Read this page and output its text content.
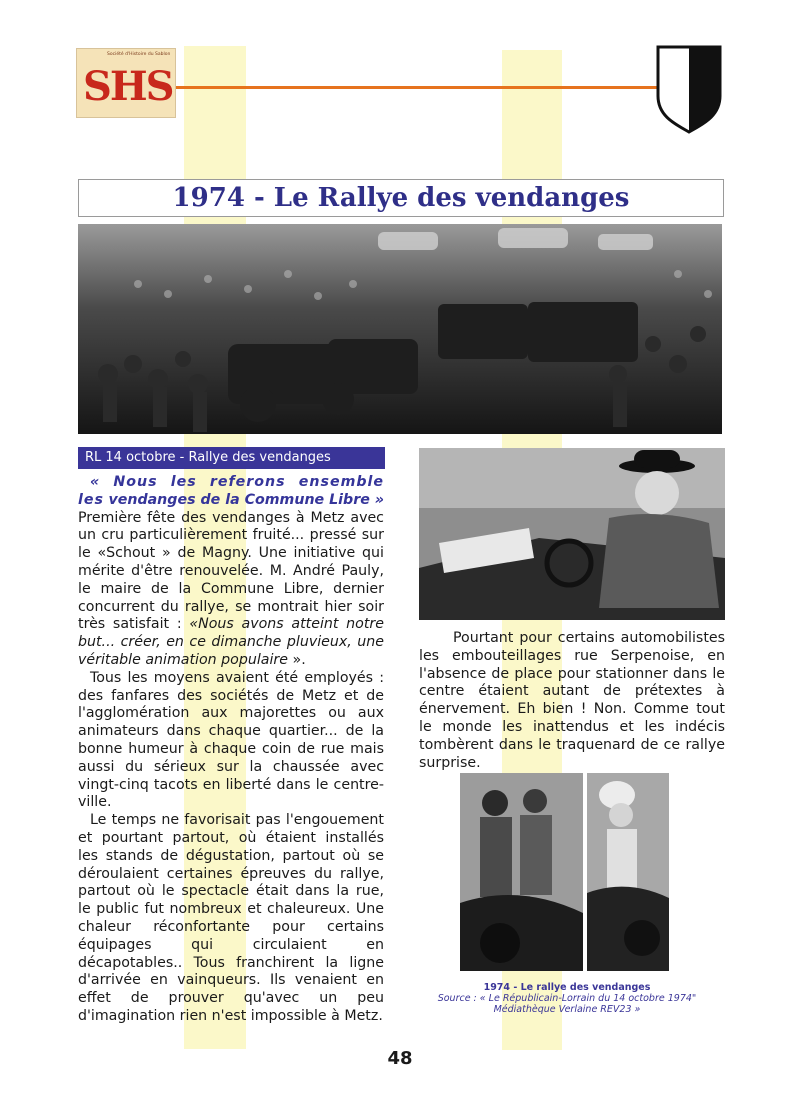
Société d'Histoire du Sablon
SHS
1974 - Le Rallye des vendanges
RL 14 octobre - Rallye des vendanges

« Nous les referons ensemble les vendanges de la Commune Libre » Première fête des vendanges à Metz avec un cru particulièrement fruité... pressé sur le «Schout » de Magny. Une initiative qui mérite d'être renouvelée. M. André Pauly, le maire de la Commune Libre, dernier concurrent du rallye, se montrait hier soir très satisfait : «Nous avons atteint notre but... créer, en ce dimanche pluvieux, une véritable animation populaire ».

Tous les moyens avaient été employés : des fanfares des sociétés de Metz et de l'agglomération aux majorettes ou aux animateurs dans chaque quartier... de la bonne humeur à chaque coin de rue mais aussi du sérieux sur la chaussée avec vingt-cinq tacots en liberté dans le centre-ville.

Le temps ne favorisait pas l'engouement et pourtant partout, où étaient installés les stands de dégustation, partout où se déroulaient certaines épreuves du rallye, partout où le spectacle était dans la rue, le public fut nombreux et chaleureux. Une chaleur réconfortante pour certains équipages qui circulaient en décapotables.. Tous franchirent la ligne d'arrivée en vainqueurs. Ils venaient en effet de prouver qu'avec un peu d'imagination rien n'est impossible à Metz.

Pourtant pour certains automobilistes les embouteillages rue Serpenoise, en l'absence de place pour stationner dans le centre étaient autant de prétextes à énervement. Eh bien ! Non. Comme tout le monde les inattendus et les indécis tombèrent dans le traquenard de ce rallye surprise.

1974 - Le rallye des vendanges
Source : « Le Républicain-Lorrain du 14 octobre 1974"
Médiathèque Verlaine REV23 »
48
